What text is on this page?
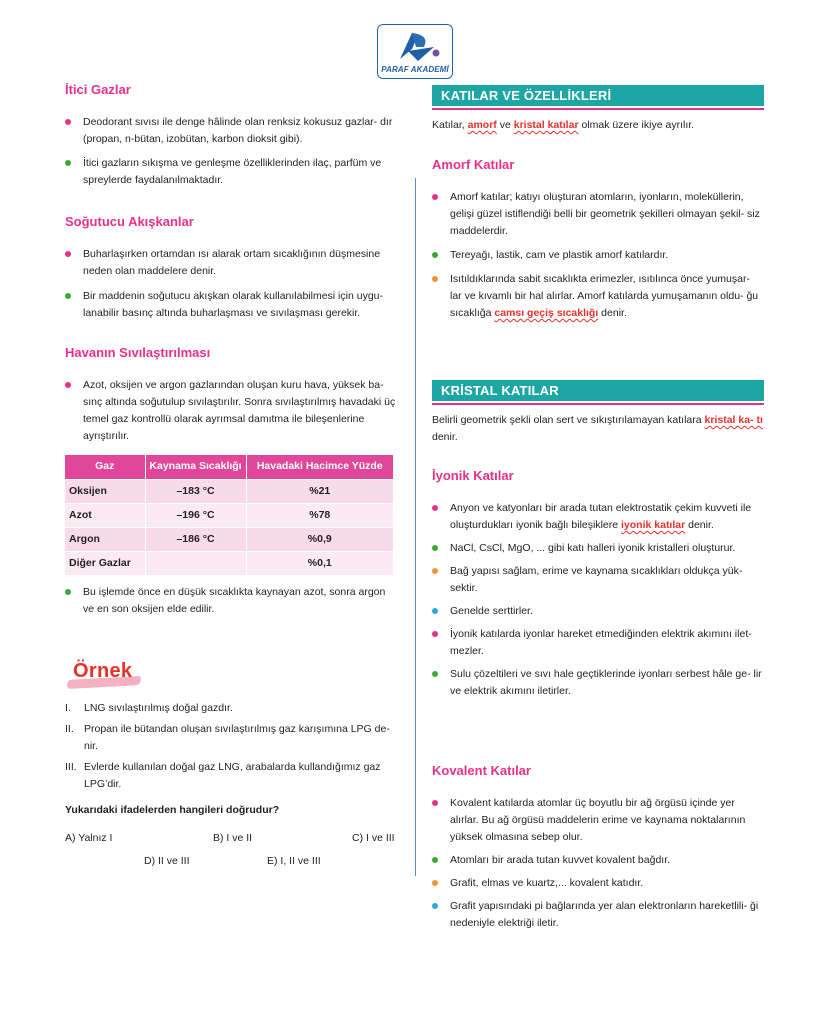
PARAF AKADEMİ
İtici Gazlar
Deodorant sıvısı ile denge hâlinde olan renksiz kokusuz gazlar- dır (propan, n-bütan, izobütan, karbon dioksit gibi).
İtici gazların sıkışma ve genleşme özelliklerinden ilaç, parfüm ve spreylerde faydalanılmaktadır.
Soğutucu Akışkanlar
Buharlaşırken ortamdan ısı alarak ortam sıcaklığının düşmesine neden olan maddelere denir.
Bir maddenin soğutucu akışkan olarak kullanılabilmesi için uygu- lanabilir basınç altında buharlaşması ve sıvılaşması gerekir.
Havanın Sıvılaştırılması
Azot, oksijen ve argon gazlarından oluşan kuru hava, yüksek ba- sınç altında soğutulup sıvılaştırılır. Sonra sıvılaştırılmış havadaki üç temel gaz kontrollü olarak ayrımsal damıtma ile bileşenlerine ayrıştırılır.
Gaz	Kaynama Sıcaklığı	Havadaki Hacimce Yüzde
Oksijen	–183 °C	%21
Azot	–196 °C	%78
Argon	–186 °C	%0,9
Diğer Gazlar		%0,1
Bu işlemde önce en düşük sıcaklıkta kaynayan azot, sonra argon ve en son oksijen elde edilir.
Örnek
I. LNG sıvılaştırılmış doğal gazdır.
II. Propan ile bütandan oluşan sıvılaştırılmış gaz karışımına LPG de- nir.
III. Evlerde kullanılan doğal gaz LNG, arabalarda kullandığımız gaz LPG’dir.
Yukarıdaki ifadelerden hangileri doğrudur?
A) Yalnız I	B) I ve II	C) I ve III
D) II ve III	E) I, II ve III
KATILAR VE ÖZELLİKLERİ
Katılar, amorf ve kristal katılar olmak üzere ikiye ayrılır.
Amorf Katılar
Amorf katılar; katıyı oluşturan atomların, iyonların, moleküllerin, gelişi güzel istiflendiği belli bir geometrik şekilleri olmayan şekil- siz maddelerdir.
Tereyağı, lastik, cam ve plastik amorf katılardır.
Isıtıldıklarında sabit sıcaklıkta erimezler, ısıtılınca önce yumuşar- lar ve kıvamlı bir hal alırlar. Amorf katılarda yumuşamanın oldu- ğu sıcaklığa camsı geçiş sıcaklığı denir.
KRİSTAL KATILAR
Belirli geometrik şekli olan sert ve sıkıştırılamayan katılara kristal ka- tı denir.
İyonik Katılar
Anyon ve katyonları bir arada tutan elektrostatik çekim kuvveti ile oluşturdukları iyonik bağlı bileşiklere iyonik katılar denir.
NaCl, CsCl, MgO, ... gibi katı halleri iyonik kristalleri oluşturur.
Bağ yapısı sağlam, erime ve kaynama sıcaklıkları oldukça yük- sektir.
Genelde serttirler.
İyonik katılarda iyonlar hareket etmediğinden elektrik akımını ilet- mezler.
Sulu çözeltileri ve sıvı hale geçtiklerinde iyonları serbest hâle ge- lir ve elektrik akımını iletirler.
Kovalent Katılar
Kovalent katılarda atomlar üç boyutlu bir ağ örgüsü içinde yer alırlar. Bu ağ örgüsü maddelerin erime ve kaynama noktalarının yüksek olmasına sebep olur.
Atomları bir arada tutan kuvvet kovalent bağdır.
Grafit, elmas ve kuartz,... kovalent katıdır.
Grafit yapısındaki pi bağlarında yer alan elektronların hareketlili- ği nedeniyle elektriği iletir.
